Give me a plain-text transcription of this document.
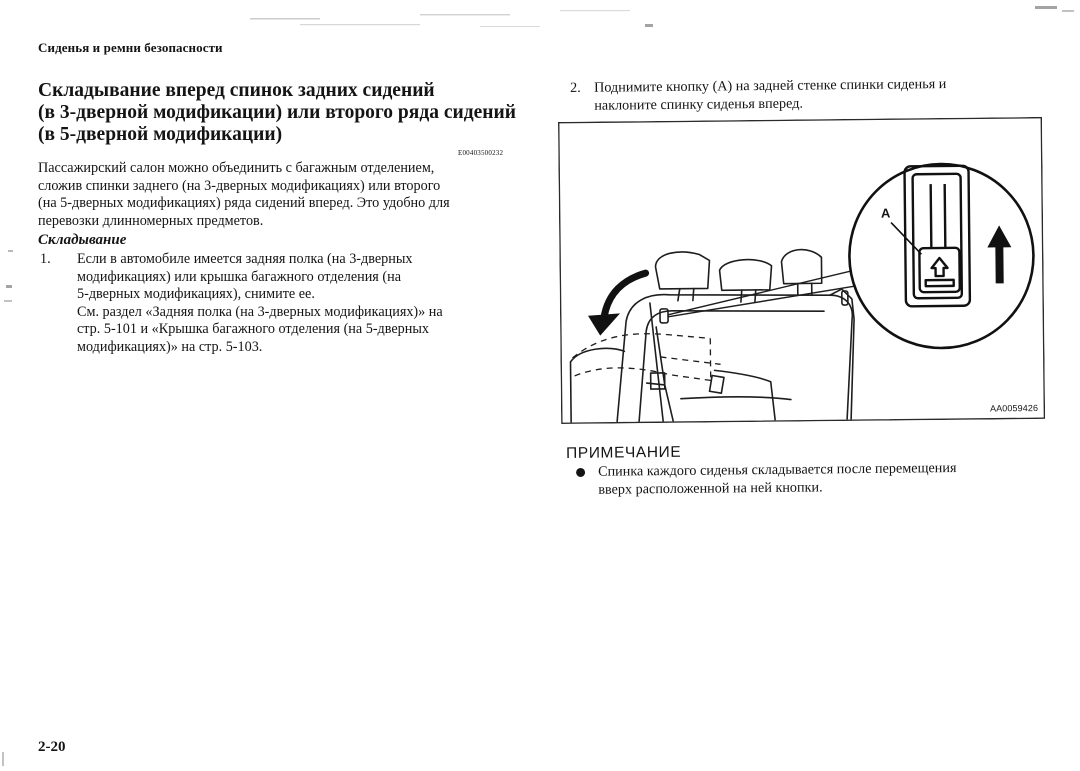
Сиденья и ремни безопасности
Складывание вперед спинок задних сидений
(в 3-дверной модификации) или второго ряда сидений
(в 5-дверной модификации)
E00403500232
Пассажирский салон можно объединить с багажным отделением,
сложив спинки заднего (на 3-дверных модификациях) или второго
(на 5-дверных модификациях) ряда сидений вперед. Это удобно для
перевозки длинномерных предметов.
Складывание
1. Если в автомобиле имеется задняя полка (на 3-дверных
модификациях) или крышка багажного отделения (на
5-дверных модификациях), снимите ее.
См. раздел «Задняя полка (на 3-дверных модификациях)» на
стр. 5-101 и «Крышка багажного отделения (на 5-дверных
модификациях)» на стр. 5-103.
2. Поднимите кнопку (А) на задней стенке спинки сиденья и
наклоните спинку сиденья вперед.
A
AA0059426
ПРИМЕЧАНИЕ
Спинка каждого сиденья складывается после перемещения
вверх расположенной на ней кнопки.
2-20
